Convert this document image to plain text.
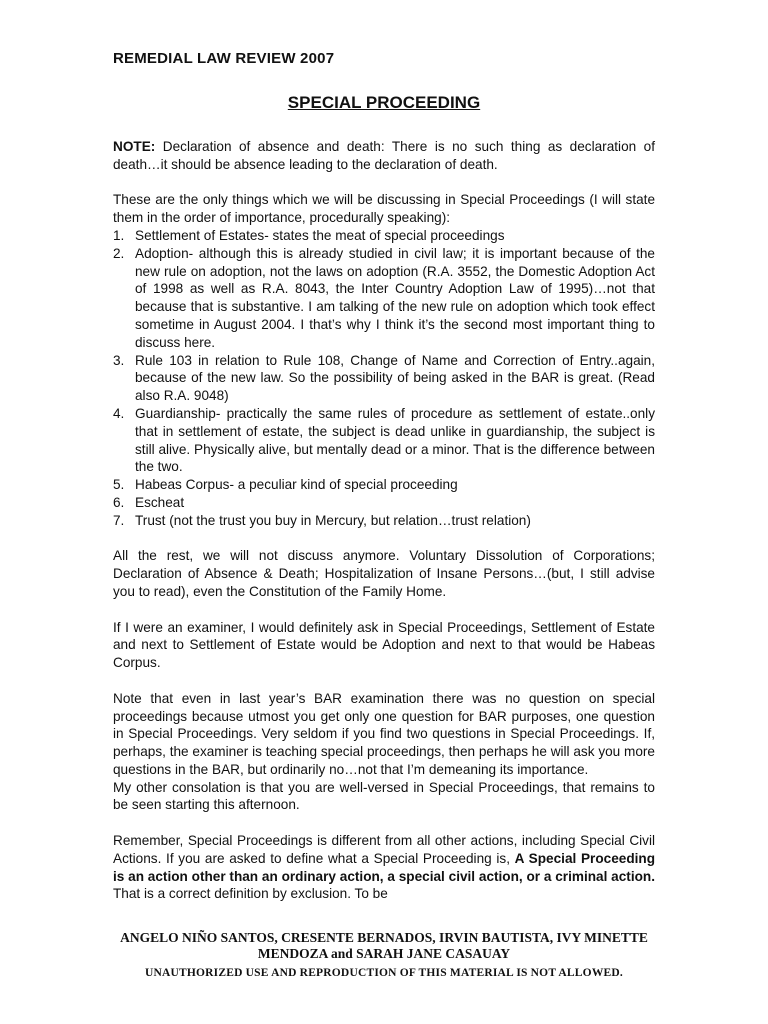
REMEDIAL LAW REVIEW 2007
SPECIAL PROCEEDING

NOTE: Declaration of absence and death: There is no such thing as declaration of death…it should be absence leading to the declaration of death.

These are the only things which we will be discussing in Special Proceedings (I will state them in the order of importance, procedurally speaking):

1. Settlement of Estates- states the meat of special proceedings
2. Adoption- although this is already studied in civil law; it is important because of the new rule on adoption, not the laws on adoption (R.A. 3552, the Domestic Adoption Act of 1998 as well as R.A. 8043, the Inter Country Adoption Law of 1995)…not that because that is substantive. I am talking of the new rule on adoption which took effect sometime in August 2004. I that’s why I think it’s the second most important thing to discuss here.
3. Rule 103 in relation to Rule 108, Change of Name and Correction of Entry..again, because of the new law. So the possibility of being asked in the BAR is great. (Read also R.A. 9048)
4. Guardianship- practically the same rules of procedure as settlement of estate..only that in settlement of estate, the subject is dead unlike in guardianship, the subject is still alive. Physically alive, but mentally dead or a minor. That is the difference between the two.
5. Habeas Corpus- a peculiar kind of special proceeding
6. Escheat
7. Trust (not the trust you buy in Mercury, but relation…trust relation)

All the rest, we will not discuss anymore. Voluntary Dissolution of Corporations; Declaration of Absence & Death; Hospitalization of Insane Persons…(but, I still advise you to read), even the Constitution of the Family Home.

If I were an examiner, I would definitely ask in Special Proceedings, Settlement of Estate and next to Settlement of Estate would be Adoption and next to that would be Habeas Corpus.

Note that even in last year’s BAR examination there was no question on special proceedings because utmost you get only one question for BAR purposes, one question in Special Proceedings. Very seldom if you find two questions in Special Proceedings. If, perhaps, the examiner is teaching special proceedings, then perhaps he will ask you more questions in the BAR, but ordinarily no…not that I’m demeaning its importance.

My other consolation is that you are well-versed in Special Proceedings, that remains to be seen starting this afternoon.

Remember, Special Proceedings is different from all other actions, including Special Civil Actions. If you are asked to define what a Special Proceeding is, A Special Proceeding is an action other than an ordinary action, a special civil action, or a criminal action. That is a correct definition by exclusion. To be

ANGELO NIÑO SANTOS, CRESENTE BERNADOS, IRVIN BAUTISTA, IVY MINETTE MENDOZA and SARAH JANE CASAUAY
UNAUTHORIZED USE AND REPRODUCTION OF THIS MATERIAL IS NOT ALLOWED.
